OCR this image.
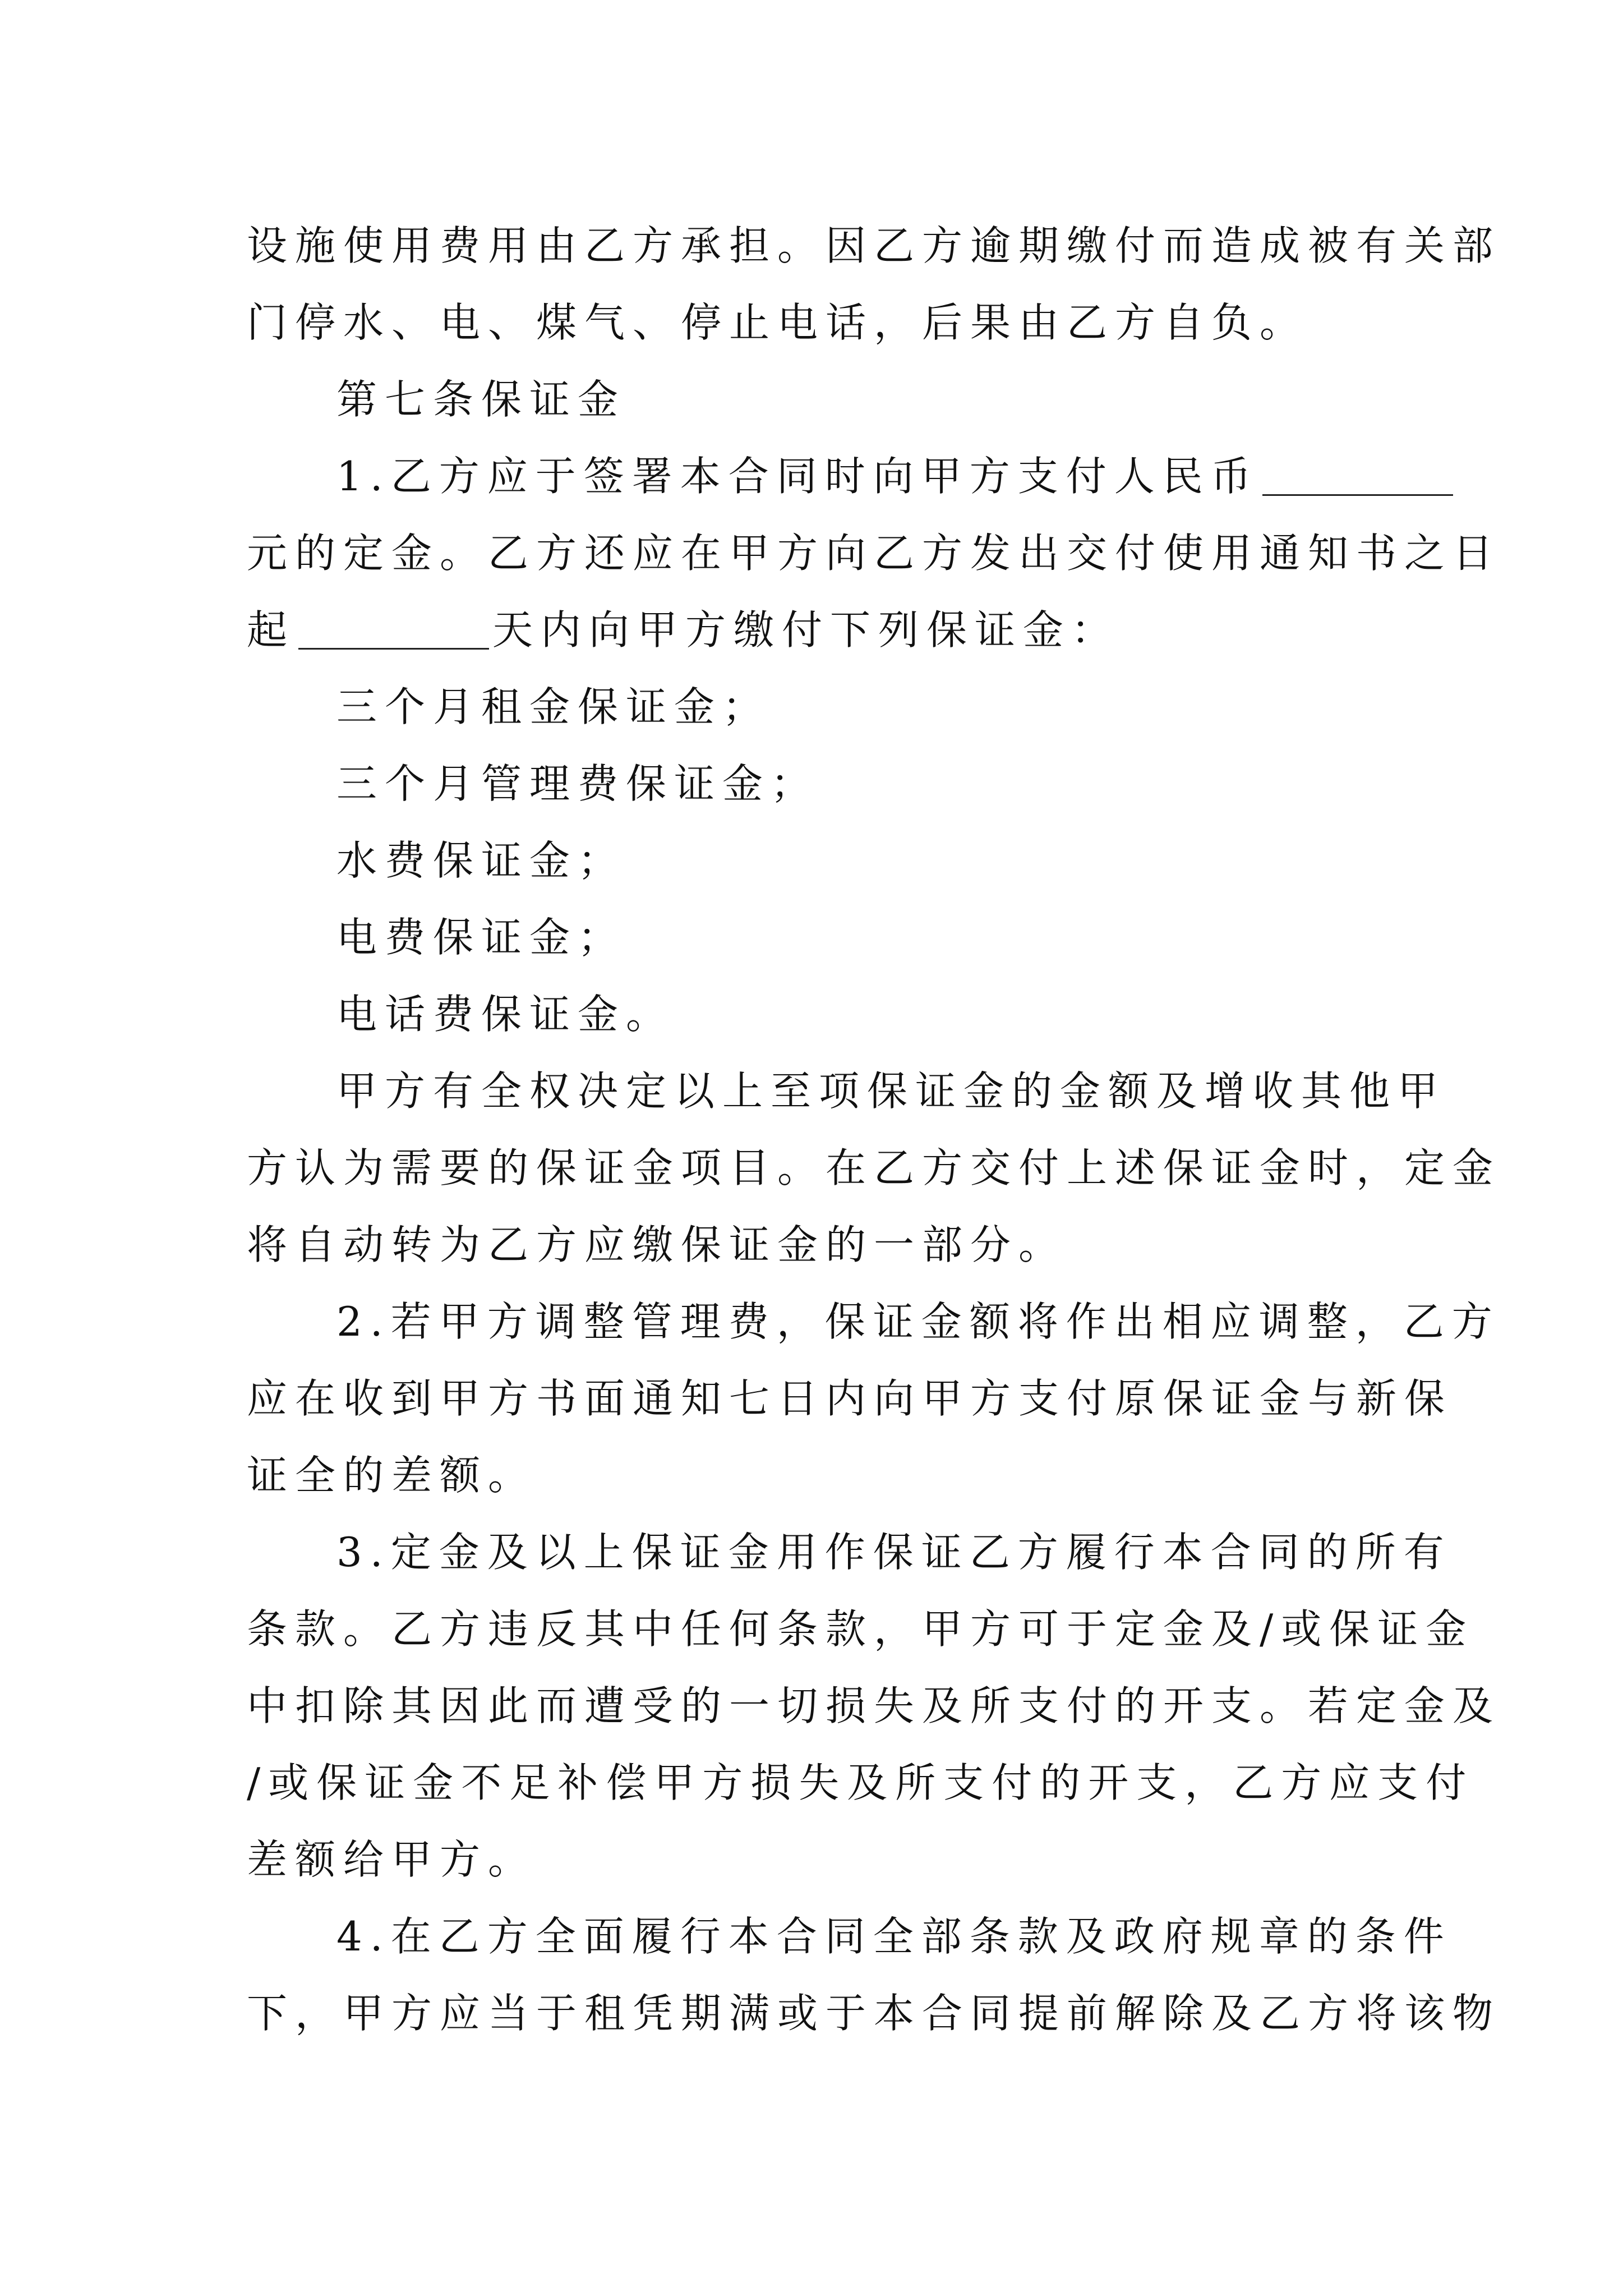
设施使用费用由乙方承担。因乙方逾期缴付而造成被有关部
门停水、电、煤气、停止电话，后果由乙方自负。
第七条保证金
1.乙方应于签署本合同时向甲方支付人民币
元的定金。乙方还应在甲方向乙方发出交付使用通知书之日
起	天内向甲方缴付下列保证金：
三个月租金保证金；
三个月管理费保证金；
水费保证金；
电费保证金；
电话费保证金。
甲方有全权决定以上至项保证金的金额及增收其他甲
方认为需要的保证金项目。在乙方交付上述保证金时，定金
将自动转为乙方应缴保证金的一部分。
2.若甲方调整管理费，保证金额将作出相应调整，乙方
应在收到甲方书面通知七日内向甲方支付原保证金与新保
证全的差额。
3.定金及以上保证金用作保证乙方履行本合同的所有
条款。乙方违反其中任何条款，甲方可于定金及/或保证金
中扣除其因此而遭受的一切损失及所支付的开支。若定金及
/或保证金不足补偿甲方损失及所支付的开支，乙方应支付
差额给甲方。
4.在乙方全面履行本合同全部条款及政府规章的条件
下，甲方应当于租凭期满或于本合同提前解除及乙方将该物
